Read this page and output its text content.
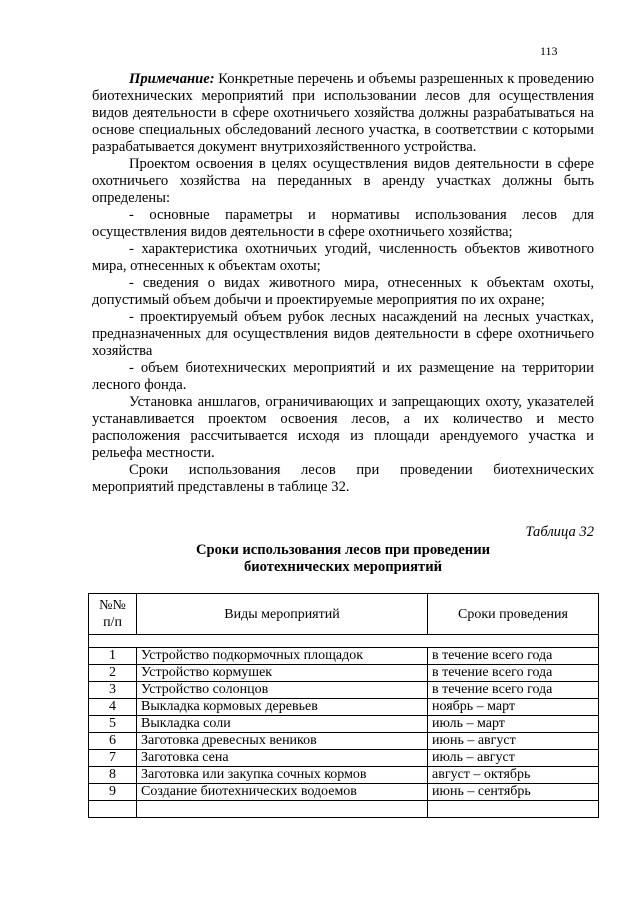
113

Примечание: Конкретные перечень и объемы разрешенных к проведению биотехнических мероприятий при использовании лесов для осуществления видов деятельности в сфере охотничьего хозяйства должны разрабатываться на основе специальных обследований лесного участка, в соответствии с которыми разрабатывается документ внутрихозяйственного устройства.

Проектом освоения в целях осуществления видов деятельности в сфере охотничьего хозяйства на переданных в аренду участках должны быть определены:

- основные параметры и нормативы использования лесов для осуществления видов деятельности в сфере охотничьего хозяйства;

- характеристика охотничьих угодий, численность объектов животного мира, отнесенных к объектам охоты;

- сведения о видах животного мира, отнесенных к объектам охоты, допустимый объем добычи и проектируемые мероприятия по их охране;

- проектируемый объем рубок лесных насаждений на лесных участках, предназначенных для осуществления видов деятельности в сфере охотничьего хозяйства

- объем биотехнических мероприятий и их размещение на территории лесного фонда.

Установка аншлагов, ограничивающих и запрещающих охоту, указателей устанавливается проектом освоения лесов, а их количество и место расположения рассчитывается исходя из площади арендуемого участка и рельефа местности.

Сроки использования лесов при проведении биотехнических мероприятий представлены в таблице 32.

Таблица 32
Сроки использования лесов при проведении
биотехнических мероприятий
№№ п/п	Виды мероприятий	Сроки проведения

1	Устройство подкормочных площадок	в течение всего года
2	Устройство кормушек	в течение всего года
3	Устройство солонцов	в течение всего года
4	Выкладка кормовых деревьев	ноябрь – март
5	Выкладка соли	июль – март
6	Заготовка древесных веников	июнь – август
7	Заготовка сена	июль – август
8	Заготовка или закупка сочных кормов	август – октябрь
9	Создание биотехнических водоемов	июнь – сентябрь
